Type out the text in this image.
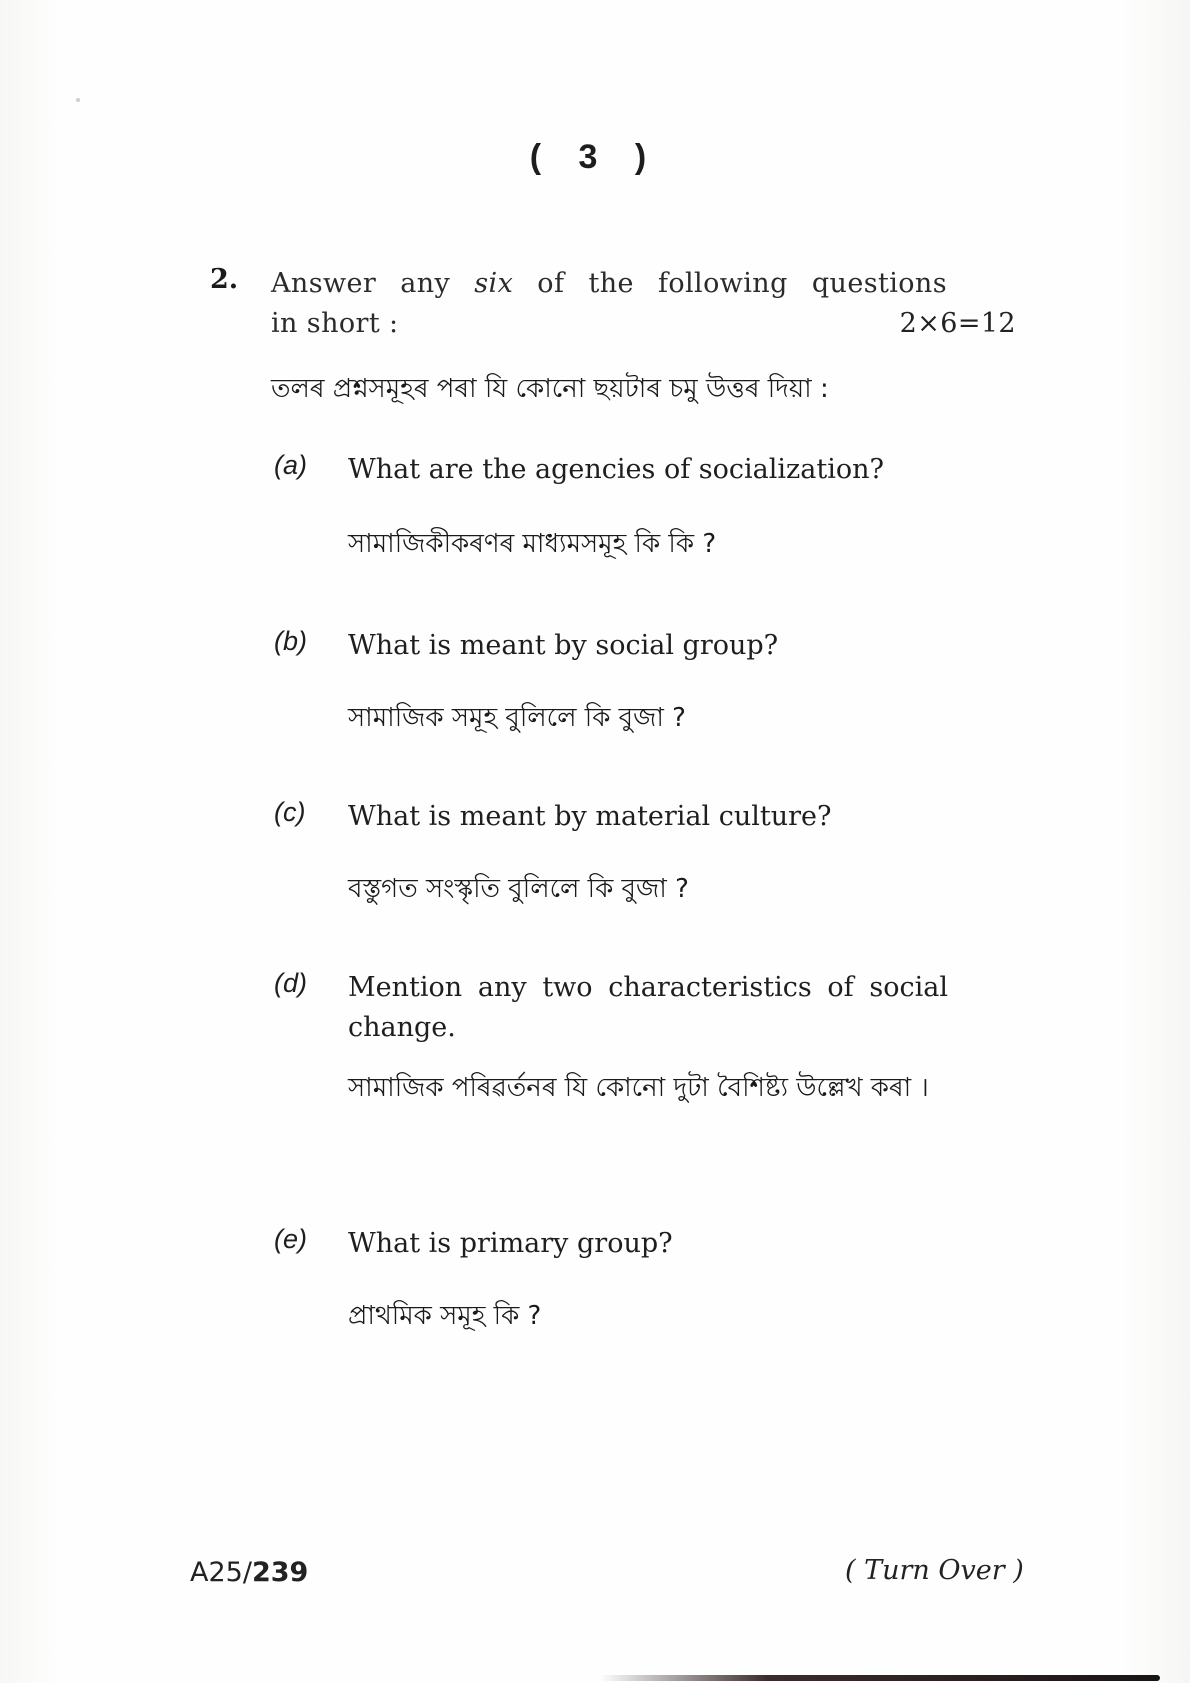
( 3 )
2. Answer any six of the following questions
in short :	2×6=12
তলৰ প্ৰশ্নসমূহৰ পৰা যি কোনো ছয়টাৰ চমু উত্তৰ দিয়া :
(a) What are the agencies of socialization?
সামাজিকীকৰণৰ মাধ্যমসমূহ কি কি ?
(b) What is meant by social group?
সামাজিক সমূহ বুলিলে কি বুজা ?
(c) What is meant by material culture?
বস্তুগত সংস্কৃতি বুলিলে কি বুজা ?
(d) Mention any two characteristics of social change.
সামাজিক পৰিৱৰ্তনৰ যি কোনো দুটা বৈশিষ্ট্য উল্লেখ কৰা ।
(e) What is primary group?
প্ৰাথমিক সমূহ কি ?
A25/239	( Turn Over )
